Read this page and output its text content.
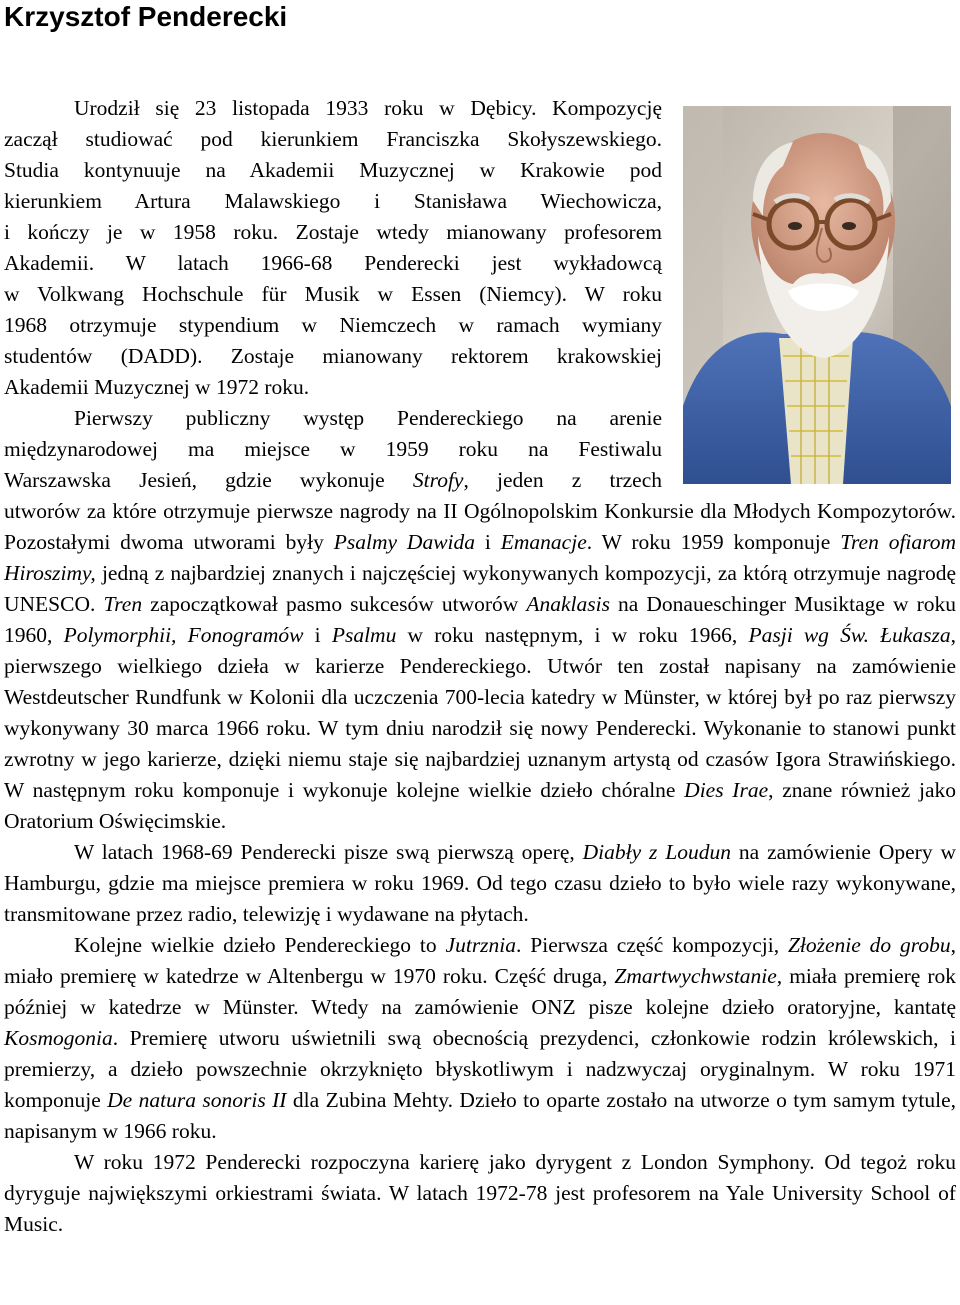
Krzysztof Penderecki

Urodził się 23 listopada 1933 roku w Dębicy. Kompozycję
zaczął studiować pod kierunkiem Franciszka Skołyszewskiego.
Studia kontynuuje na Akademii Muzycznej w Krakowie pod
kierunkiem Artura Malawskiego i Stanisława Wiechowicza,
i kończy je w 1958 roku. Zostaje wtedy mianowany profesorem
Akademii. W latach 1966-68 Penderecki jest wykładowcą
w Volkwang Hochschule für Musik w Essen (Niemcy). W roku
1968 otrzymuje stypendium w Niemczech w ramach wymiany
studentów (DADD). Zostaje mianowany rektorem krakowskiej
Akademii Muzycznej w 1972 roku.

Pierwszy publiczny występ Pendereckiego na arenie
międzynarodowej ma miejsce w 1959 roku na Festiwalu
Warszawska Jesień, gdzie wykonuje Strofy, jeden z trzech

utworów za które otrzymuje pierwsze nagrody na II Ogólnopolskim Konkursie dla Młodych Kompozytorów. Pozostałymi dwoma utworami były Psalmy Dawida i Emanacje. W roku 1959 komponuje Tren ofiarom Hiroszimy, jedną z najbardziej znanych i najczęściej wykonywanych kompozycji, za którą otrzymuje nagrodę UNESCO. Tren zapoczątkował pasmo sukcesów utworów Anaklasis na Donaueschinger Musiktage w roku 1960, Polymorphii, Fonogramów i Psalmu w roku następnym, i w roku 1966, Pasji wg Św. Łukasza, pierwszego wielkiego dzieła w karierze Pendereckiego. Utwór ten został napisany na zamówienie Westdeutscher Rundfunk w Kolonii dla uczczenia 700-lecia katedry w Münster, w której był po raz pierwszy wykonywany 30 marca 1966 roku. W tym dniu narodził się nowy Penderecki. Wykonanie to stanowi punkt zwrotny w jego karierze, dzięki niemu staje się najbardziej uznanym artystą od czasów Igora Strawińskiego. W następnym roku komponuje i wykonuje kolejne wielkie dzieło chóralne Dies Irae, znane również jako Oratorium Oświęcimskie.

W latach 1968-69 Penderecki pisze swą pierwszą operę, Diabły z Loudun na zamówienie Opery w Hamburgu, gdzie ma miejsce premiera w roku 1969. Od tego czasu dzieło to było wiele razy wykonywane, transmitowane przez radio, telewizję i wydawane na płytach.

Kolejne wielkie dzieło Pendereckiego to Jutrznia. Pierwsza część kompozycji, Złożenie do grobu, miało premierę w katedrze w Altenbergu w 1970 roku. Część druga, Zmartwychwstanie, miała premierę rok później w katedrze w Münster. Wtedy na zamówienie ONZ pisze kolejne dzieło oratoryjne, kantatę Kosmogonia. Premierę utworu uświetnili swą obecnością prezydenci, członkowie rodzin królewskich, i premierzy, a dzieło powszechnie okrzyknięto błyskotliwym i nadzwyczaj oryginalnym. W roku 1971 komponuje De natura sonoris II dla Zubina Mehty. Dzieło to oparte zostało na utworze o tym samym tytule, napisanym w 1966 roku.

W roku 1972 Penderecki rozpoczyna karierę jako dyrygent z London Symphony. Od tegoż roku dyryguje największymi orkiestrami świata. W latach 1972-78 jest profesorem na Yale University School of Music.
